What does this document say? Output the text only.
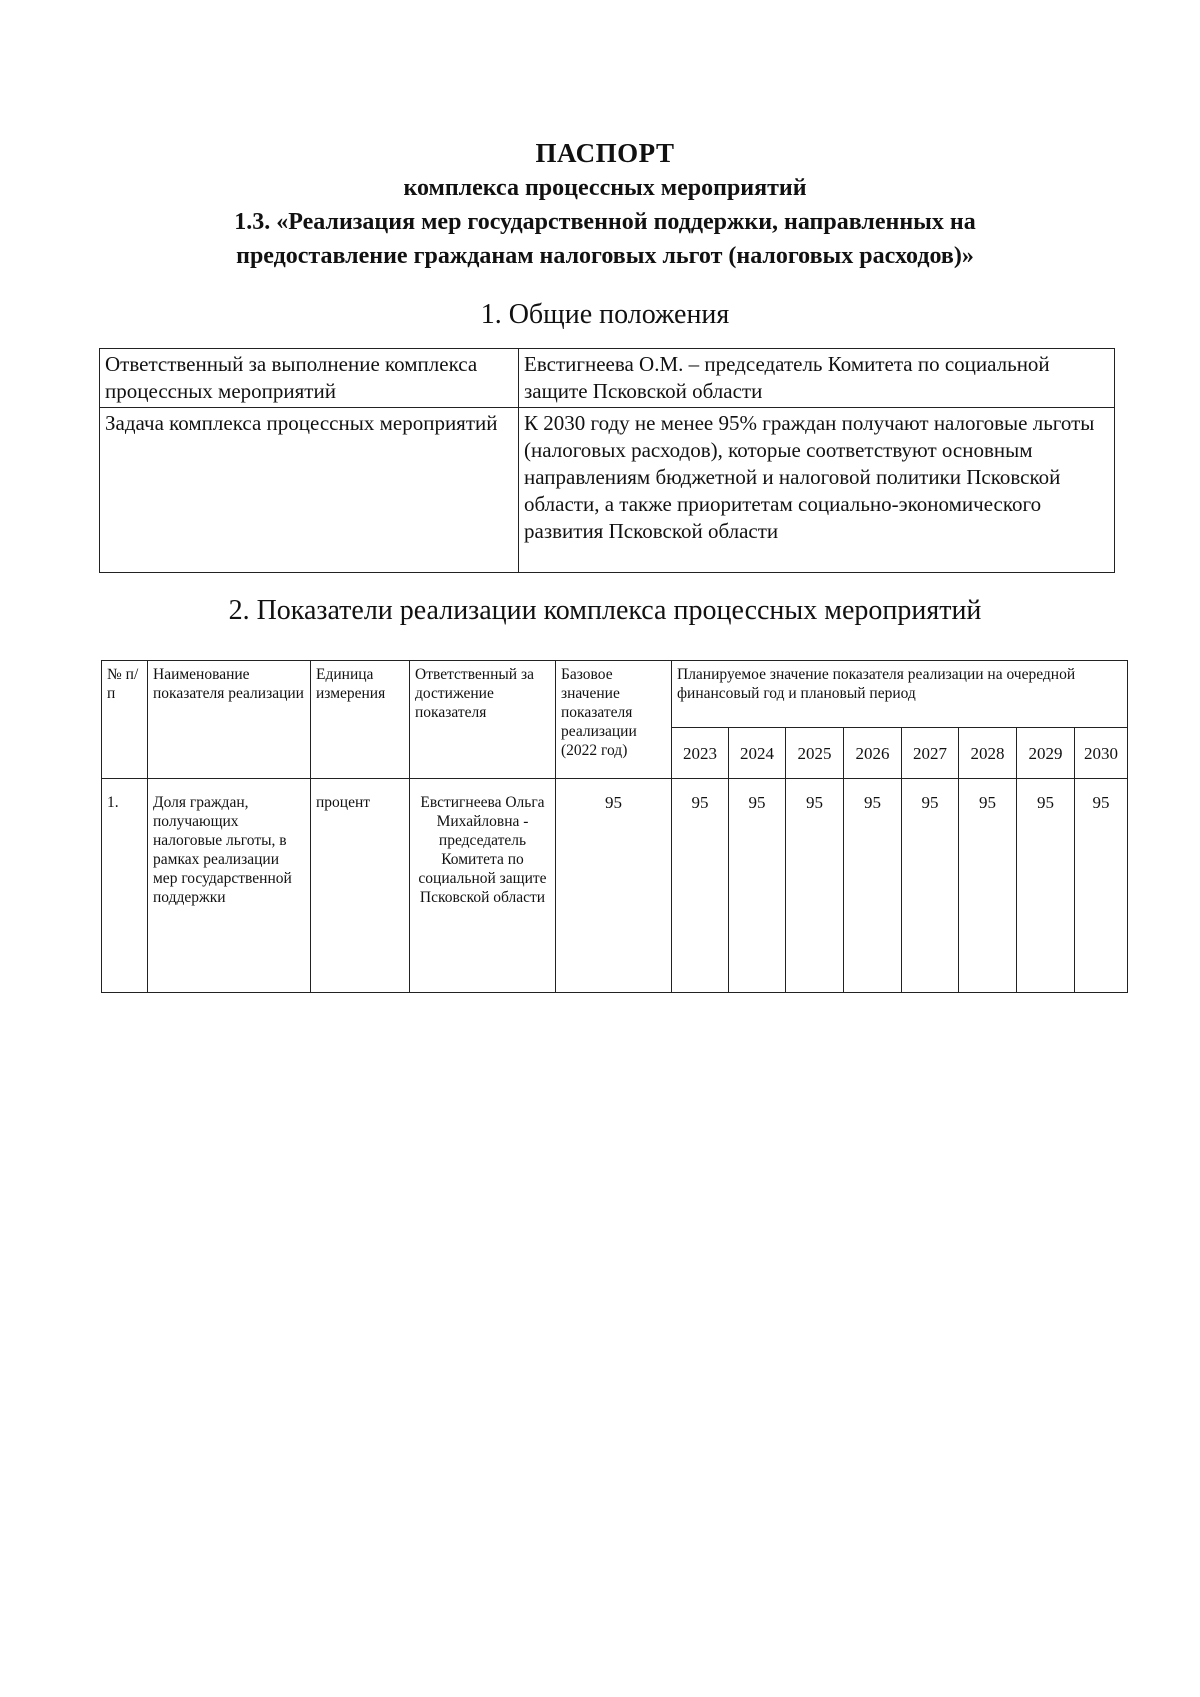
ПАСПОРТ
комплекса процессных мероприятий
1.3. «Реализация мер государственной поддержки, направленных на
предоставление гражданам налоговых льгот (налоговых расходов)»
1. Общие положения
Ответственный за выполнение комплекса процессных мероприятий	Евстигнеева О.М. – председатель Комитета по социальной защите Псковской области
Задача комплекса процессных мероприятий	К 2030 году не менее 95% граждан получают налоговые льготы (налоговых расходов), которые соответствуют основным направлениям бюджетной и налоговой политики Псковской области, а также приоритетам социально-экономического развития Псковской области
2. Показатели реализации комплекса процессных мероприятий
№ п/п	Наименование показателя реализации	Единица измерения	Ответственный за достижение показателя	Базовое значение показателя реализации (2022 год)	Планируемое значение показателя реализации на очередной финансовый год и плановый период							
					2023	2024	2025	2026	2027	2028	2029	2030
1.	Доля граждан, получающих налоговые льготы, в рамках реализации мер государственной поддержки	процент	Евстигнеева Ольга Михайловна - председатель Комитета по социальной защите Псковской области	95	95	95	95	95	95	95	95	95
